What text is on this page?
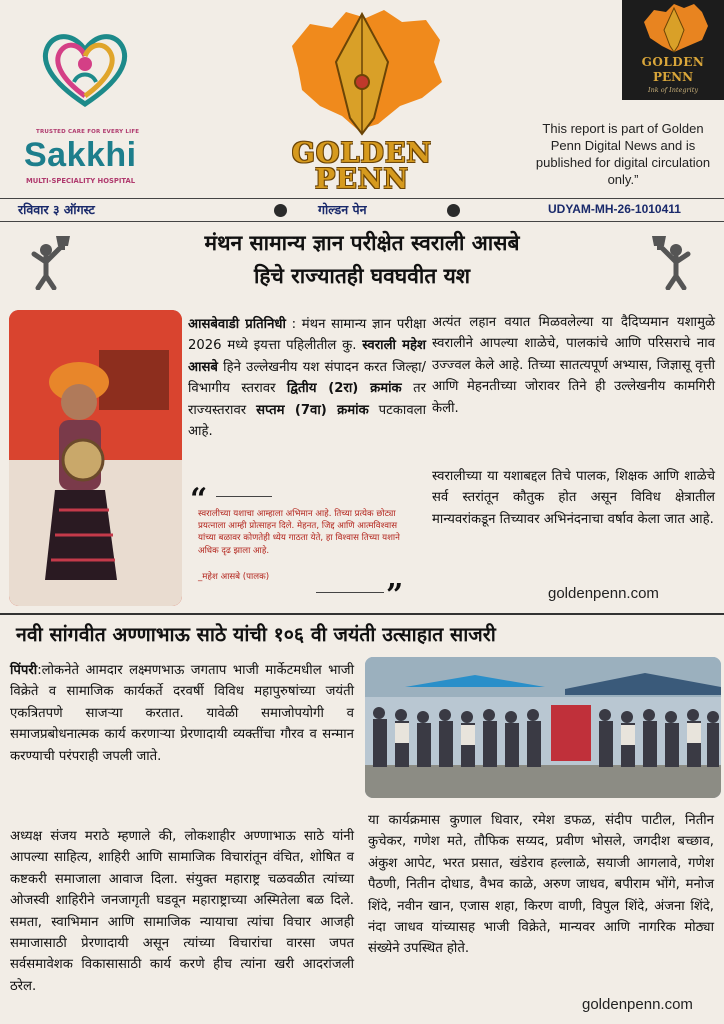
TRUSTED CARE FOR EVERY LIFE
Sakkhi
MULTI-SPECIALITY HOSPITAL
GOLDEN
PENN
This report is part of Golden Penn Digital News and is published for digital circulation only.”
GOLDEN
PENN
Ink of Integrity
रविवार ३ ऑगस्ट	गोल्डन पेन	UDYAM-MH-26-1010411
मंथन सामान्य ज्ञान परीक्षेत स्वराली आसबे
हिचे राज्यातही घवघवीत यश
आसबेवाडी प्रतिनिधी : मंथन सामान्य ज्ञान परीक्षा 2026 मध्ये इयत्ता पहिलीतील कु. स्वराली महेश आसबे हिने उल्लेखनीय यश संपादन करत जिल्हा/ विभागीय स्तरावर द्वितीय (2रा) क्रमांक तर राज्यस्तरावर सप्तम (7वा) क्रमांक पटकावला आहे.
“
स्वरालीच्या यशाचा आम्हाला अभिमान आहे. तिच्या प्रत्येक छोट्या प्रयत्नाला आम्ही प्रोत्साहन दिले. मेहनत, जिद्द आणि आत्मविश्वास यांच्या बळावर कोणतेही ध्येय गाठता येते, हा विश्वास तिच्या यशाने अधिक दृढ झाला आहे.
_महेश आसबे (पालक)
”
अत्यंत लहान वयात मिळवलेल्या या दैदिप्यमान यशामुळे स्वरालीने आपल्या शाळेचे, पालकांचे आणि परिसराचे नाव उज्ज्वल केले आहे. तिच्या सातत्यपूर्ण अभ्यास, जिज्ञासू वृत्ती आणि मेहनतीच्या जोरावर तिने ही उल्लेखनीय कामगिरी केली.
स्वरालीच्या या यशाबद्दल तिचे पालक, शिक्षक आणि शाळेचे सर्व स्तरांतून कौतुक होत असून विविध क्षेत्रातील मान्यवरांकडून तिच्यावर अभिनंदनाचा वर्षाव केला जात आहे.
goldenpenn.com
नवी सांगवीत अण्णाभाऊ साठे यांची १०६ वी जयंती उत्साहात साजरी
पिंपरी:लोकनेते आमदार लक्ष्मणभाऊ जगताप भाजी मार्केटमधील भाजी विक्रेते व सामाजिक कार्यकर्ते दरवर्षी विविध महापुरुषांच्या जयंती एकत्रितपणे साजऱ्या करतात. यावेळी समाजोपयोगी व समाजप्रबोधनात्मक कार्य करणाऱ्या प्रेरणादायी व्यक्तींचा गौरव व सन्मान करण्याची परंपराही जपली जाते.
अध्यक्ष संजय मराठे म्हणाले की, लोकशाहीर अण्णाभाऊ साठे यांनी आपल्या साहित्य, शाहिरी आणि सामाजिक विचारांतून वंचित, शोषित व कष्टकरी समाजाला आवाज दिला. संयुक्त महाराष्ट्र चळवळीत त्यांच्या ओजस्वी शाहिरीने जनजागृती घडवून महाराष्ट्राच्या अस्मितेला बळ दिले. समता, स्वाभिमान आणि सामाजिक न्यायाचा त्यांचा विचार आजही समाजासाठी प्रेरणादायी असून त्यांच्या विचारांचा वारसा जपत सर्वसमावेशक विकासासाठी कार्य करणे हीच त्यांना खरी आदरांजली ठरेल.
या कार्यक्रमास कुणाल धिवार, रमेश डफळ, संदीप पाटील, नितीन कुचेकर, गणेश मते, तौफिक सय्यद, प्रवीण भोसले, जगदीश बच्छाव, अंकुश आपेट, भरत प्रसात, खंडेराव हल्लाळे, सयाजी आगलावे, गणेश पैठणी, नितीन दोधाड, वैभव काळे, अरुण जाधव, बपीराम भोंगे, मनोज शिंदे, नवीन खान, एजास शहा, किरण वाणी, विपुल शिंदे, अंजना शिंदे, नंदा जाधव यांच्यासह भाजी विक्रेते, मान्यवर आणि नागरिक मोठ्या संख्येने उपस्थित होते.
goldenpenn.com
